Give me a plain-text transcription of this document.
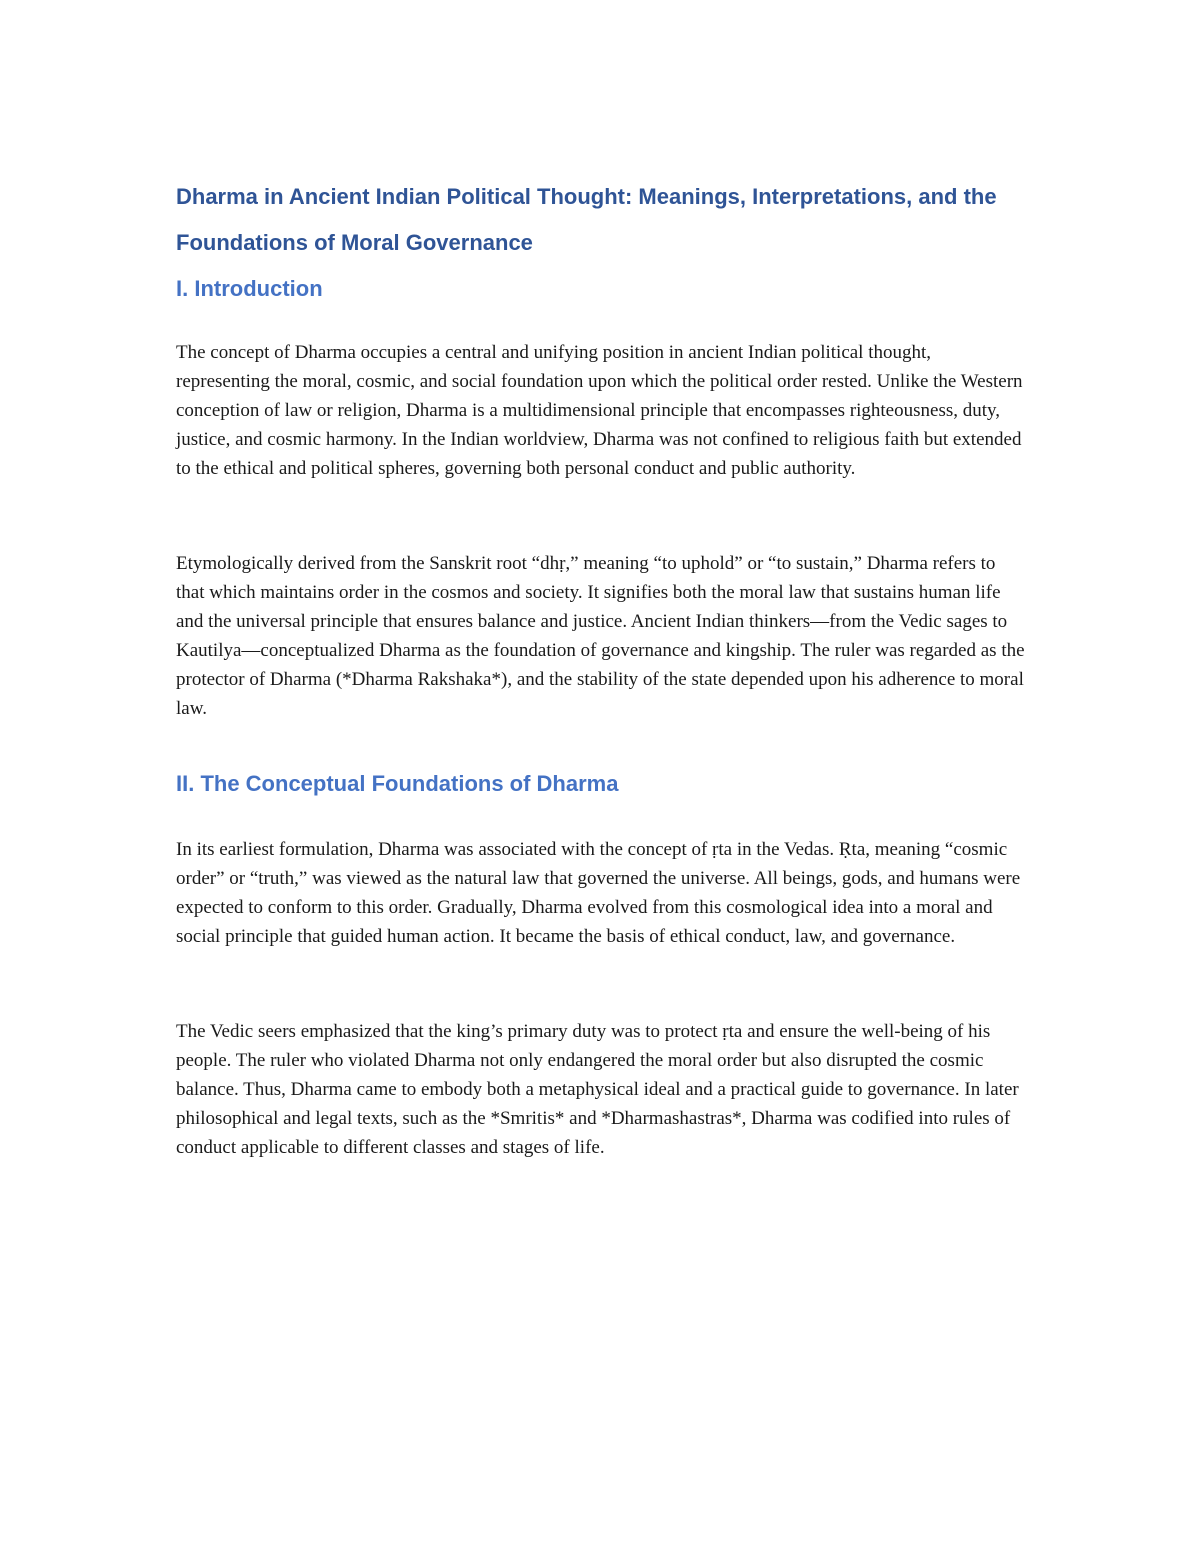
Dharma in Ancient Indian Political Thought: Meanings, Interpretations, and the Foundations of Moral Governance
I. Introduction

The concept of Dharma occupies a central and unifying position in ancient Indian political thought, representing the moral, cosmic, and social foundation upon which the political order rested. Unlike the Western conception of law or religion, Dharma is a multidimensional principle that encompasses righteousness, duty, justice, and cosmic harmony. In the Indian worldview, Dharma was not confined to religious faith but extended to the ethical and political spheres, governing both personal conduct and public authority.

Etymologically derived from the Sanskrit root “dhṛ,” meaning “to uphold” or “to sustain,” Dharma refers to that which maintains order in the cosmos and society. It signifies both the moral law that sustains human life and the universal principle that ensures balance and justice. Ancient Indian thinkers—from the Vedic sages to Kautilya—conceptualized Dharma as the foundation of governance and kingship. The ruler was regarded as the protector of Dharma (*Dharma Rakshaka*), and the stability of the state depended upon his adherence to moral law.

II. The Conceptual Foundations of Dharma

In its earliest formulation, Dharma was associated with the concept of ṛta in the Vedas. Ṛta, meaning “cosmic order” or “truth,” was viewed as the natural law that governed the universe. All beings, gods, and humans were expected to conform to this order. Gradually, Dharma evolved from this cosmological idea into a moral and social principle that guided human action. It became the basis of ethical conduct, law, and governance.

The Vedic seers emphasized that the king’s primary duty was to protect ṛta and ensure the well-being of his people. The ruler who violated Dharma not only endangered the moral order but also disrupted the cosmic balance. Thus, Dharma came to embody both a metaphysical ideal and a practical guide to governance. In later philosophical and legal texts, such as the *Smritis* and *Dharmashastras*, Dharma was codified into rules of conduct applicable to different classes and stages of life.
